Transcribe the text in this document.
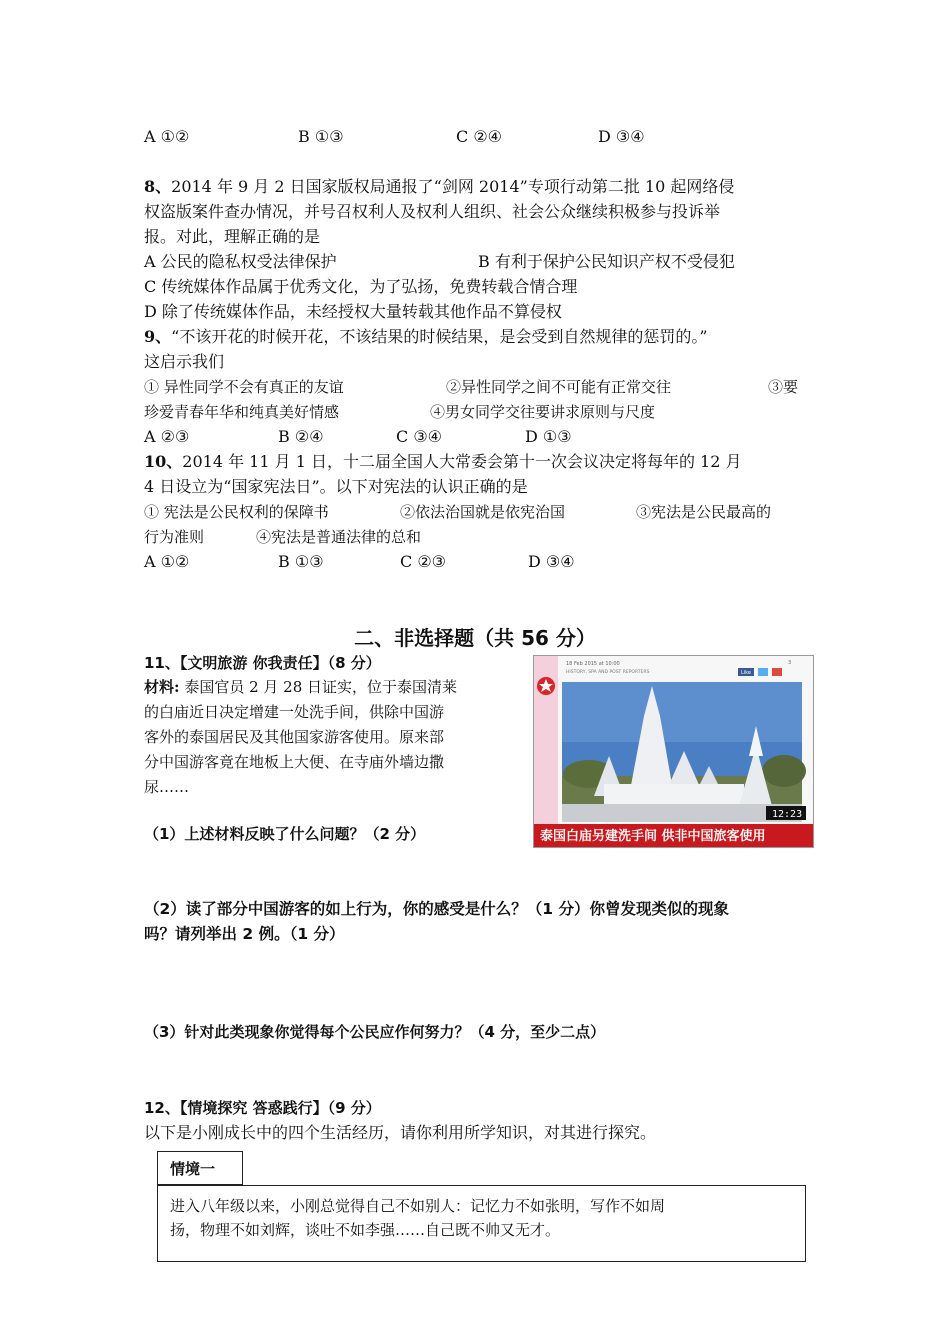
A ①②	B ①③	C ②④	D ③④
8、2014 年 9 月 2 日国家版权局通报了“剑网 2014”专项行动第二批 10 起网络侵
权盗版案件查办情况，并号召权利人及权利人组织、社会公众继续积极参与投诉举
报。对此，理解正确的是
A 公民的隐私权受法律保护	B 有利于保护公民知识产权不受侵犯
C 传统媒体作品属于优秀文化，为了弘扬，免费转载合情合理
D 除了传统媒体作品，未经授权大量转载其他作品不算侵权
9、“不该开花的时候开花，不该结果的时候结果，是会受到自然规律的惩罚的。”
这启示我们
① 异性同学不会有真正的友谊	②异性同学之间不可能有正常交往	③要
珍爱青春年华和纯真美好情感	④男女同学交往要讲求原则与尺度
A ②③	B ②④	C ③④	D ①③
10、2014 年 11 月 1 日，十二届全国人大常委会第十一次会议决定将每年的 12 月
4 日设立为“国家宪法日”。以下对宪法的认识正确的是
① 宪法是公民权利的保障书	②依法治国就是依宪治国	③宪法是公民最高的
行为准则	④宪法是普通法律的总和
A ①②	B ①③	C ②③	D ③④
二、非选择题（共 56 分）
11、【文明旅游 你我责任】（8 分）
材料: 泰国官员 2 月 28 日证实，位于泰国清莱
的白庙近日决定增建一处洗手间，供除中国游
客外的泰国居民及其他国家游客使用。原来部
分中国游客竟在地板上大便、在寺庙外墙边撒
尿……
18 Feb 2015 at 10:00
HISTORY, SPA AND POST REPORTERS	Like
3
12:23
泰国白庙另建洗手间 供非中国旅客使用
（1）上述材料反映了什么问题？（2 分）
（2）读了部分中国游客的如上行为，你的感受是什么？（1 分）你曾发现类似的现象
吗？请列举出 2 例。（1 分）
（3）针对此类现象你觉得每个公民应作何努力？（4 分，至少二点）
12、【情境探究 答惑践行】（9 分）
以下是小刚成长中的四个生活经历，请你利用所学知识，对其进行探究。
情境一
进入八年级以来，小刚总觉得自己不如别人：记忆力不如张明，写作不如周
扬，物理不如刘辉，谈吐不如李强……自己既不帅又无才。
